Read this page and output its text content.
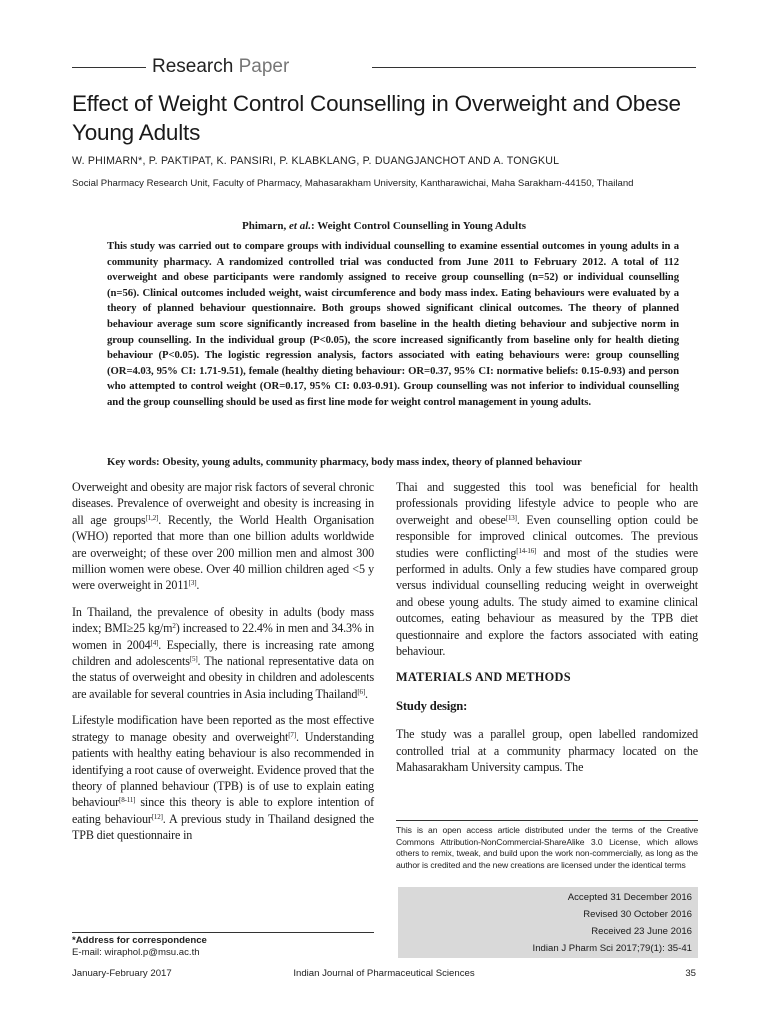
Research Paper
Effect of Weight Control Counselling in Overweight and Obese Young Adults
W. PHIMARN*, P. PAKTIPAT, K. PANSIRI, P. KLABKLANG, P. DUANGJANCHOT AND A. TONGKUL
Social Pharmacy Research Unit, Faculty of Pharmacy, Mahasarakham University, Kantharawichai, Maha Sarakham-44150, Thailand
Phimarn, et al.: Weight Control Counselling in Young Adults
This study was carried out to compare groups with individual counselling to examine essential outcomes in young adults in a community pharmacy. A randomized controlled trial was conducted from June 2011 to February 2012. A total of 112 overweight and obese participants were randomly assigned to receive group counselling (n=52) or individual counselling (n=56). Clinical outcomes included weight, waist circumference and body mass index. Eating behaviours were evaluated by a theory of planned behaviour questionnaire. Both groups showed significant clinical outcomes. The theory of planned behaviour average sum score significantly increased from baseline in the health dieting behaviour and subjective norm in group counselling. In the individual group (P<0.05), the score increased significantly from baseline only for health dieting behaviour (P<0.05). The logistic regression analysis, factors associated with eating behaviours were: group counselling (OR=4.03, 95% CI: 1.71-9.51), female (healthy dieting behaviour: OR=0.37, 95% CI: normative beliefs: 0.15-0.93) and person who attempted to control weight (OR=0.17, 95% CI: 0.03-0.91). Group counselling was not inferior to individual counselling and the group counselling should be used as first line mode for weight control management in young adults.
Key words: Obesity, young adults, community pharmacy, body mass index, theory of planned behaviour

Overweight and obesity are major risk factors of several chronic diseases. Prevalence of overweight and obesity is increasing in all age groups[1,2]. Recently, the World Health Organisation (WHO) reported that more than one billion adults worldwide are overweight; of these over 200 million men and almost 300 million women were obese. Over 40 million children aged <5 y were overweight in 2011[3].

In Thailand, the prevalence of obesity in adults (body mass index; BMI≥25 $kg/m^2$) increased to 22.4% in men and 34.3% in women in 2004[4]. Especially, there is increasing rate among children and adolescents[5]. The national representative data on the status of overweight and obesity in children and adolescents are available for several countries in Asia including Thailand[6].

Lifestyle modification have been reported as the most effective strategy to manage obesity and overweight[7]. Understanding patients with healthy eating behaviour is also recommended in identifying a root cause of overweight. Evidence proved that the theory of planned behaviour (TPB) is of use to explain eating behaviour[8-11] since this theory is able to explore intention of eating behaviour[12]. A previous study in Thailand designed the TPB diet questionnaire in

Thai and suggested this tool was beneficial for health professionals providing lifestyle advice to people who are overweight and obese[13]. Even counselling option could be responsible for improved clinical outcomes. The previous studies were conflicting[14-16] and most of the studies were performed in adults. Only a few studies have compared group versus individual counselling reducing weight in overweight and obese young adults. The study aimed to examine clinical outcomes, eating behaviour as measured by the TPB diet questionnaire and explore the factors associated with eating behaviour.

MATERIALS AND METHODS
Study design:

The study was a parallel group, open labelled randomized controlled trial at a community pharmacy located on the Mahasarakham University campus. The

This is an open access article distributed under the terms of the Creative Commons Attribution-NonCommercial-ShareAlike 3.0 License, which allows others to remix, tweak, and build upon the work non-commercially, as long as the author is credited and the new creations are licensed under the identical terms
Accepted 31 December 2016
Revised 30 October 2016
Received 23 June 2016
Indian J Pharm Sci 2017;79(1): 35-41
*Address for correspondence
E-mail: wiraphol.p@msu.ac.th
January-February 2017	Indian Journal of Pharmaceutical Sciences	35
